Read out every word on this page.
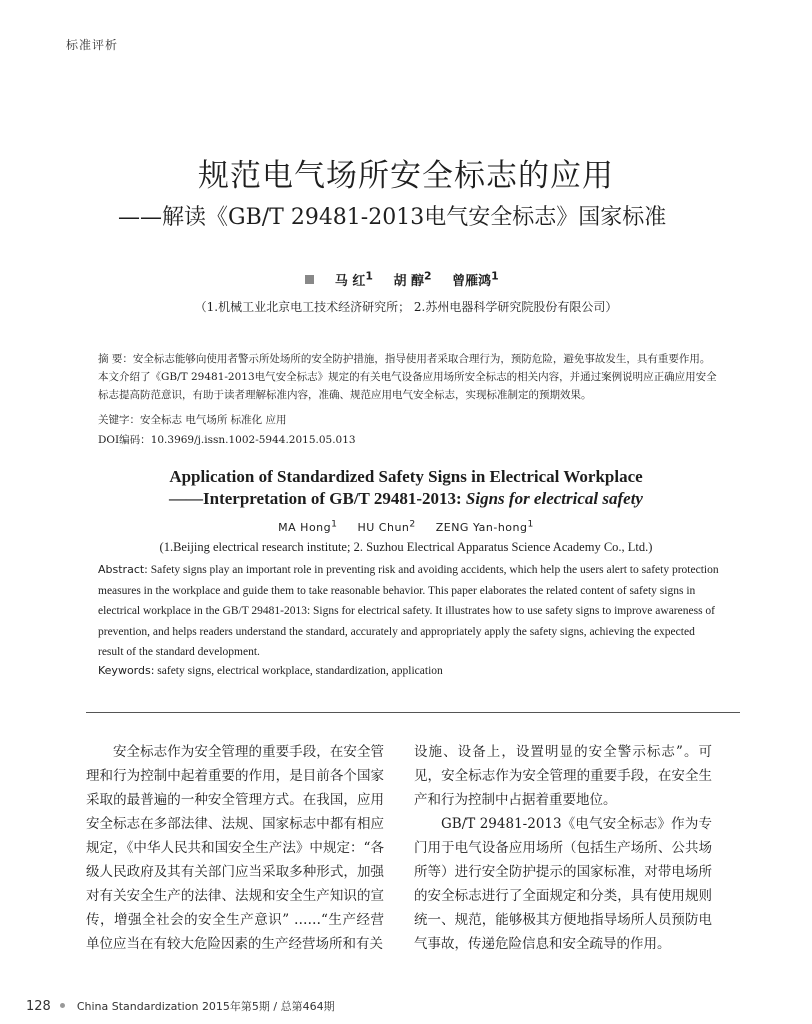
标准评析
规范电气场所安全标志的应用
——解读《GB/T 29481-2013电气安全标志》国家标准
马 红$^1$ 胡 醇$^2$ 曾雁鸿$^1$
（1.机械工业北京电工技术经济研究所； 2.苏州电器科学研究院股份有限公司）
摘 要：安全标志能够向使用者警示所处场所的安全防护措施，指导使用者采取合理行为，预防危险，避免事故发生，具有重要作用。本文介绍了《GB/T 29481-2013电气安全标志》规定的有关电气设备应用场所安全标志的相关内容，并通过案例说明应正确应用安全标志提高防范意识，有助于读者理解标准内容，准确、规范应用电气安全标志，实现标准制定的预期效果。
关键字：安全标志 电气场所 标准化 应用
DOI编码：10.3969/j.issn.1002-5944.2015.05.013
Application of Standardized Safety Signs in Electrical Workplace
——Interpretation of GB/T 29481-2013: Signs for electrical safety
MA Hong$^1$ HU Chun$^2$ ZENG Yan-hong$^1$
(1.Beijing electrical research institute; 2. Suzhou Electrical Apparatus Science Academy Co., Ltd.)
Abstract: Safety signs play an important role in preventing risk and avoiding accidents, which help the users alert to safety protection measures in the workplace and guide them to take reasonable behavior. This paper elaborates the related content of safety signs in electrical workplace in the GB/T 29481-2013: Signs for electrical safety. It illustrates how to use safety signs to improve awareness of prevention, and helps readers understand the standard, accurately and appropriately apply the safety signs, achieving the expected result of the standard development.
Keywords: safety signs, electrical workplace, standardization, application

安全标志作为安全管理的重要手段，在安全管理和行为控制中起着重要的作用，是目前各个国家采取的最普遍的一种安全管理方式。在我国，应用安全标志在多部法律、法规、国家标志中都有相应规定，《中华人民共和国安全生产法》中规定：“各级人民政府及其有关部门应当采取多种形式，加强对有关安全生产的法律、法规和安全生产知识的宣传，增强全社会的安全生产意识” ……“生产经营单位应当在有较大危险因素的生产经营场所和有关

设施、设备上，设置明显的安全警示标志”。可见，安全标志作为安全管理的重要手段，在安全生产和行为控制中占据着重要地位。

GB/T 29481-2013《电气安全标志》作为专门用于电气设备应用场所（包括生产场所、公共场所等）进行安全防护提示的国家标准，对带电场所的安全标志进行了全面规定和分类，具有使用规则统一、规范，能够极其方便地指导场所人员预防电气事故，传递危险信息和安全疏导的作用。

128 China Standardization 2015年第5期 / 总第464期
